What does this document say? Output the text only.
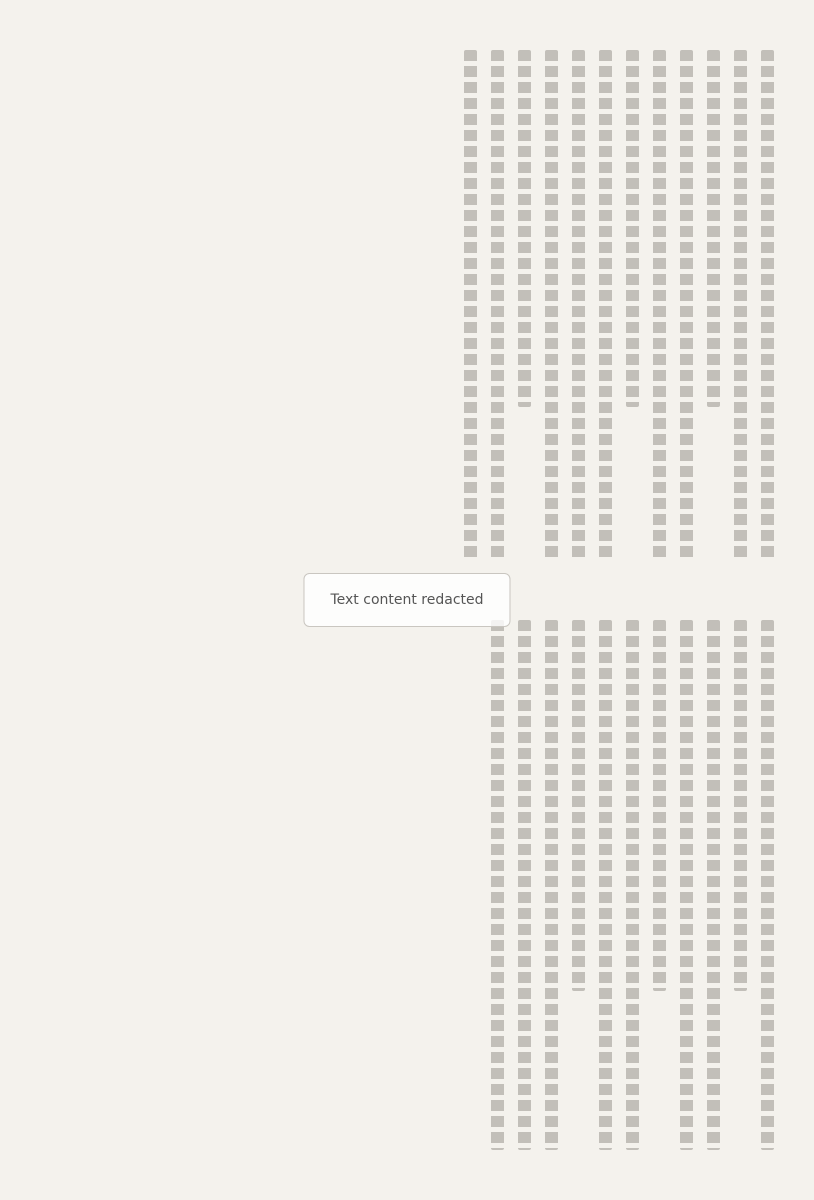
Text content redacted
